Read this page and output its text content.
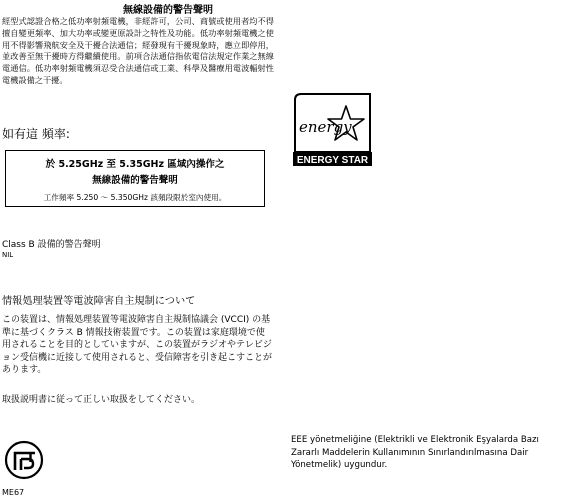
無線設備的警告聲明
經型式認證合格之低功率射頻電機，非經許可，公司、商號或使用者均不得擅自變更頻率、加大功率或變更原設計之特性及功能。低功率射頻電機之使用不得影響飛航安全及干擾合法通信；經發現有干擾現象時，應立即停用，並改善至無干擾時方得繼續使用。前項合法通信指依電信法規定作業之無線電通信。低功率射頻電機須忍受合法通信或工業、科學及醫療用電波輻射性電機設備之干擾。
如有這 頻率:
於 5.25GHz 至 5.35GHz 區域內操作之
無線設備的警告聲明
工作頻率 5.250 ～ 5.350GHz 該頻段限於室內使用。
Class B 設備的警告聲明
NIL
情報処理装置等電波障害自主規制について
この装置は、情報処理装置等電波障害自主規制協議会 (VCCI) の基準に基づくクラス B 情報技術装置です。この装置は家庭環境で使用されることを目的としていますが、この装置がラジオやテレビジョン受信機に近接して使用されると、受信障害を引き起こすことがあります。
取扱説明書に従って正しい取扱をしてください。
energy
ENERGY STAR
EEE yönetmeliğine (Elektrikli ve Elektronik Eşyalarda Bazı Zararlı Maddelerin Kullanımının Sınırlandırılmasına Dair Yönetmelik) uygundur.
ME67
